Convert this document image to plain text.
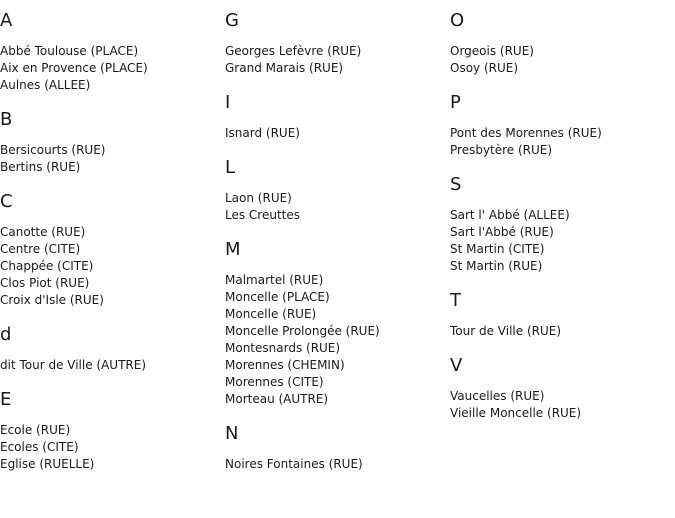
A
Abbé Toulouse (PLACE)
Aix en Provence (PLACE)
Aulnes (ALLEE)
B
Bersicourts (RUE)
Bertins (RUE)
C
Canotte (RUE)
Centre (CITE)
Chappée (CITE)
Clos Piot (RUE)
Croix d'Isle (RUE)
d
dit Tour de Ville (AUTRE)
E
Ecole (RUE)
Ecoles (CITE)
Eglise (RUELLE)
G
Georges Lefèvre (RUE)
Grand Marais (RUE)
I
Isnard (RUE)
L
Laon (RUE)
Les Creuttes
M
Malmartel (RUE)
Moncelle (PLACE)
Moncelle (RUE)
Moncelle Prolongée (RUE)
Montesnards (RUE)
Morennes (CHEMIN)
Morennes (CITE)
Morteau (AUTRE)
N
Noires Fontaines (RUE)
O
Orgeois (RUE)
Osoy (RUE)
P
Pont des Morennes (RUE)
Presbytère (RUE)
S
Sart l' Abbé (ALLEE)
Sart l'Abbé (RUE)
St Martin (CITE)
St Martin (RUE)
T
Tour de Ville (RUE)
V
Vaucelles (RUE)
Vieille Moncelle (RUE)
